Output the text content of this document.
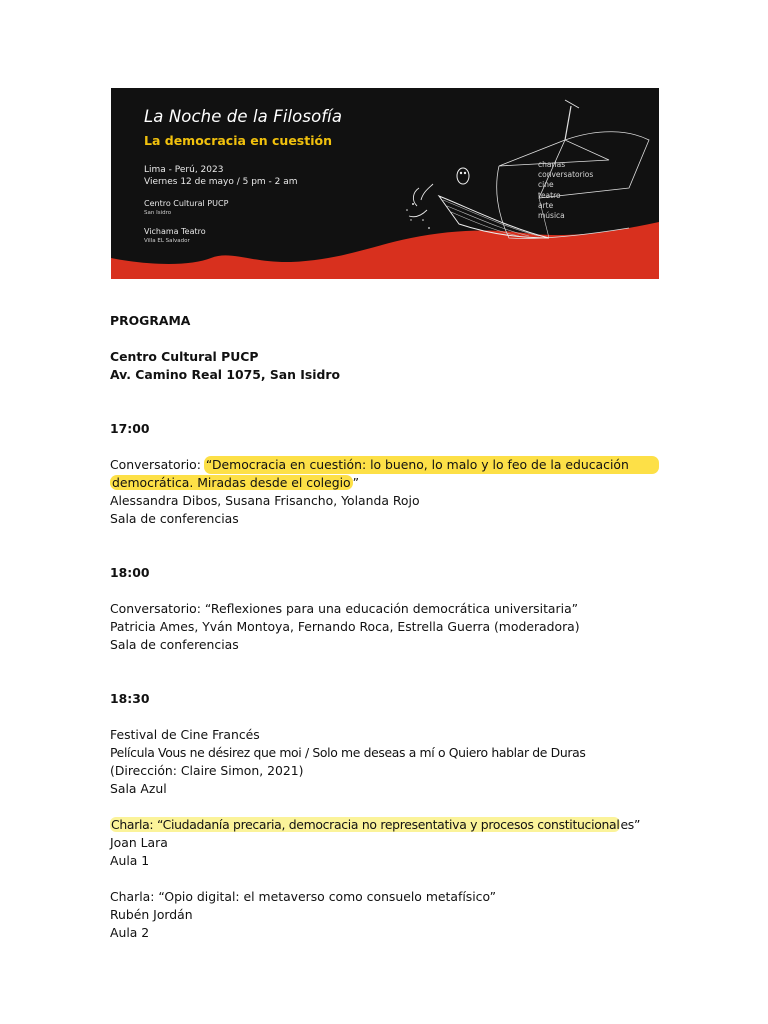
La Noche de la Filosofía
La democracia en cuestión
Lima - Perú, 2023
Viernes 12 de mayo / 5 pm - 2 am
Centro Cultural PUCP
San Isidro
Vichama Teatro
Villa EL Salvador
charlas
conversatorios
cine
teatro
arte
música
PROGRAMA
Centro Cultural PUCP
Av. Camino Real 1075, San Isidro
17:00
Conversatorio: “Democracia en cuestión: lo bueno, lo malo y lo feo de la educación
democrática. Miradas desde el colegio ”
Alessandra Dibos, Susana Frisancho, Yolanda Rojo
Sala de conferencias
18:00
Conversatorio: “Reflexiones para una educación democrática universitaria”
Patricia Ames, Yván Montoya, Fernando Roca, Estrella Guerra (moderadora)
Sala de conferencias
18:30
Festival de Cine Francés
Película Vous ne désirez que moi / Solo me deseas a mí o Quiero hablar de Duras
(Dirección: Claire Simon, 2021)
Sala Azul
Charla: “Ciudadanía precaria, democracia no representativa y procesos constitucionales”
Joan Lara
Aula 1
Charla: “Opio digital: el metaverso como consuelo metafísico”
Rubén Jordán
Aula 2
